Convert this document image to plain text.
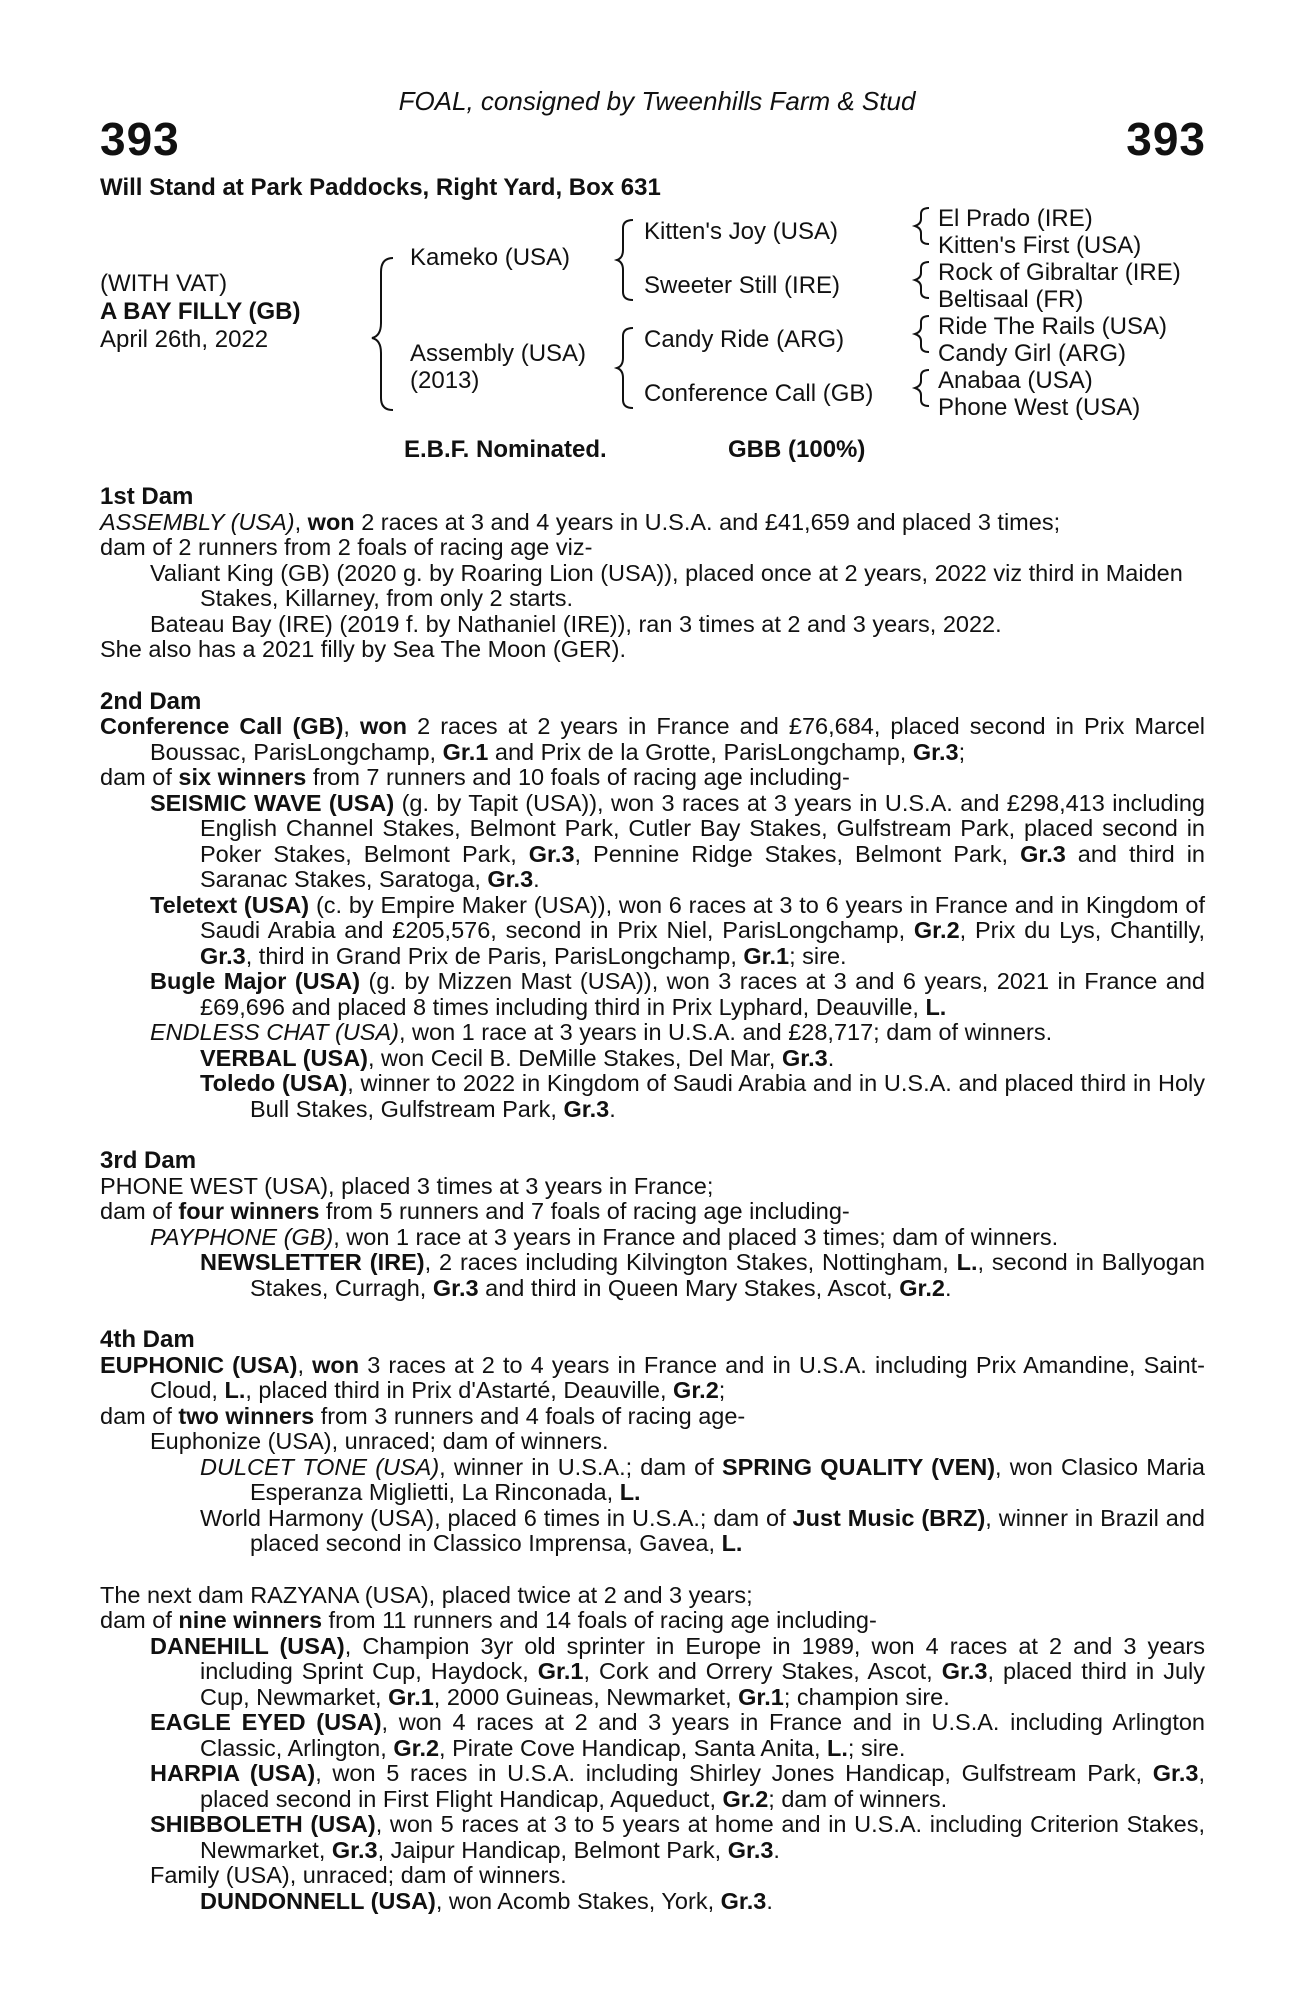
FOAL, consigned by Tweenhills Farm & Stud
393	393
Will Stand at Park Paddocks, Right Yard, Box 631
(WITH VAT)
A BAY FILLY (GB)
April 26th, 2022
Kameko (USA)
Assembly (USA)
(2013)
Kitten's Joy (USA)
Sweeter Still (IRE)
Candy Ride (ARG)
Conference Call (GB)
El Prado (IRE)
Kitten's First (USA)
Rock of Gibraltar (IRE)
Beltisaal (FR)
Ride The Rails (USA)
Candy Girl (ARG)
Anabaa (USA)
Phone West (USA)
E.B.F. Nominated.	GBB (100%)

1st Dam

ASSEMBLY (USA), won 2 races at 3 and 4 years in U.S.A. and £41,659 and placed 3 times;

dam of 2 runners from 2 foals of racing age viz-

Valiant King (GB) (2020 g. by Roaring Lion (USA)), placed once at 2 years, 2022 viz third in Maiden Stakes, Killarney, from only 2 starts.

Bateau Bay (IRE) (2019 f. by Nathaniel (IRE)), ran 3 times at 2 and 3 years, 2022.

She also has a 2021 filly by Sea The Moon (GER).

2nd Dam

Conference Call (GB), won 2 races at 2 years in France and £76,684, placed second in Prix Marcel Boussac, ParisLongchamp, Gr.1 and Prix de la Grotte, ParisLongchamp, Gr.3;

dam of six winners from 7 runners and 10 foals of racing age including-

SEISMIC WAVE (USA) (g. by Tapit (USA)), won 3 races at 3 years in U.S.A. and £298,413 including English Channel Stakes, Belmont Park, Cutler Bay Stakes, Gulfstream Park, placed second in Poker Stakes, Belmont Park, Gr.3, Pennine Ridge Stakes, Belmont Park, Gr.3 and third in Saranac Stakes, Saratoga, Gr.3.

Teletext (USA) (c. by Empire Maker (USA)), won 6 races at 3 to 6 years in France and in Kingdom of Saudi Arabia and £205,576, second in Prix Niel, ParisLongchamp, Gr.2, Prix du Lys, Chantilly, Gr.3, third in Grand Prix de Paris, ParisLongchamp, Gr.1; sire.

Bugle Major (USA) (g. by Mizzen Mast (USA)), won 3 races at 3 and 6 years, 2021 in France and £69,696 and placed 8 times including third in Prix Lyphard, Deauville, L.

ENDLESS CHAT (USA), won 1 race at 3 years in U.S.A. and £28,717; dam of winners.

VERBAL (USA), won Cecil B. DeMille Stakes, Del Mar, Gr.3.

Toledo (USA), winner to 2022 in Kingdom of Saudi Arabia and in U.S.A. and placed third in Holy Bull Stakes, Gulfstream Park, Gr.3.

3rd Dam

PHONE WEST (USA), placed 3 times at 3 years in France;

dam of four winners from 5 runners and 7 foals of racing age including-

PAYPHONE (GB), won 1 race at 3 years in France and placed 3 times; dam of winners.

NEWSLETTER (IRE), 2 races including Kilvington Stakes, Nottingham, L., second in Ballyogan Stakes, Curragh, Gr.3 and third in Queen Mary Stakes, Ascot, Gr.2.

4th Dam

EUPHONIC (USA), won 3 races at 2 to 4 years in France and in U.S.A. including Prix Amandine, Saint-Cloud, L., placed third in Prix d'Astarté, Deauville, Gr.2;

dam of two winners from 3 runners and 4 foals of racing age-

Euphonize (USA), unraced; dam of winners.

DULCET TONE (USA), winner in U.S.A.; dam of SPRING QUALITY (VEN), won Clasico Maria Esperanza Miglietti, La Rinconada, L.

World Harmony (USA), placed 6 times in U.S.A.; dam of Just Music (BRZ), winner in Brazil and placed second in Classico Imprensa, Gavea, L.

The next dam RAZYANA (USA), placed twice at 2 and 3 years;

dam of nine winners from 11 runners and 14 foals of racing age including-

DANEHILL (USA), Champion 3yr old sprinter in Europe in 1989, won 4 races at 2 and 3 years including Sprint Cup, Haydock, Gr.1, Cork and Orrery Stakes, Ascot, Gr.3, placed third in July Cup, Newmarket, Gr.1, 2000 Guineas, Newmarket, Gr.1; champion sire.

EAGLE EYED (USA), won 4 races at 2 and 3 years in France and in U.S.A. including Arlington Classic, Arlington, Gr.2, Pirate Cove Handicap, Santa Anita, L.; sire.

HARPIA (USA), won 5 races in U.S.A. including Shirley Jones Handicap, Gulfstream Park, Gr.3, placed second in First Flight Handicap, Aqueduct, Gr.2; dam of winners.

SHIBBOLETH (USA), won 5 races at 3 to 5 years at home and in U.S.A. including Criterion Stakes, Newmarket, Gr.3, Jaipur Handicap, Belmont Park, Gr.3.

Family (USA), unraced; dam of winners.

DUNDONNELL (USA), won Acomb Stakes, York, Gr.3.
